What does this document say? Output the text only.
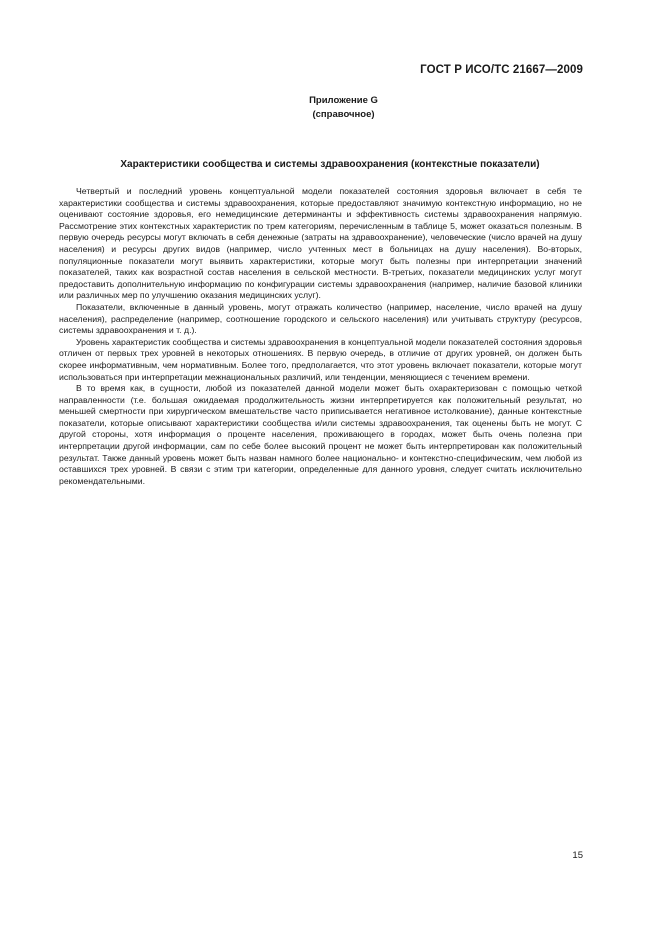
ГОСТ Р ИСО/ТС 21667—2009
Приложение G
(справочное)
Характеристики сообщества и системы здравоохранения (контекстные показатели)

Четвертый и последний уровень концептуальной модели показателей состояния здоровья включает в себя те характеристики сообщества и системы здравоохранения, которые предоставляют значимую контекстную информацию, но не оценивают состояние здоровья, его немедицинские детерминанты и эффективность системы здравоохранения напрямую. Рассмотрение этих контекстных характеристик по трем категориям, перечисленным в таблице 5, может оказаться полезным. В первую очередь ресурсы могут включать в себя денежные (затраты на здравоохранение), человеческие (число врачей на душу населения) и ресурсы других видов (например, число учтенных мест в больницах на душу населения). Во-вторых, популяционные показатели могут выявить характеристики, которые могут быть полезны при интерпретации значений показателей, таких как возрастной состав населения в сельской местности. В-третьих, показатели медицинских услуг могут предоставить дополнительную информацию по конфигурации системы здравоохранения (например, наличие базовой клиники или различных мер по улучшению оказания медицинских услуг).

Показатели, включенные в данный уровень, могут отражать количество (например, население, число врачей на душу населения), распределение (например, соотношение городского и сельского населения) или учитывать структуру (ресурсов, системы здравоохранения и т. д.).

Уровень характеристик сообщества и системы здравоохранения в концептуальной модели показателей состояния здоровья отличен от первых трех уровней в некоторых отношениях. В первую очередь, в отличие от других уровней, он должен быть скорее информативным, чем нормативным. Более того, предполагается, что этот уровень включает показатели, которые могут использоваться при интерпретации межнациональных различий, или тенденции, меняющиеся с течением времени.

В то время как, в сущности, любой из показателей данной модели может быть охарактеризован с помощью четкой направленности (т.е. большая ожидаемая продолжительность жизни интерпретируется как положительный результат, но меньшей смертности при хирургическом вмешательстве часто приписывается негативное истолкование), данные контекстные показатели, которые описывают характеристики сообщества и/или системы здравоохранения, так оценены быть не могут. С другой стороны, хотя информация о проценте населения, проживающего в городах, может быть очень полезна при интерпретации другой информации, сам по себе более высокий процент не может быть интерпретирован как положительный результат. Также данный уровень может быть назван намного более национально- и контекстно-специфическим, чем любой из оставшихся трех уровней. В связи с этим три категории, определенные для данного уровня, следует считать исключительно рекомендательными.

15
